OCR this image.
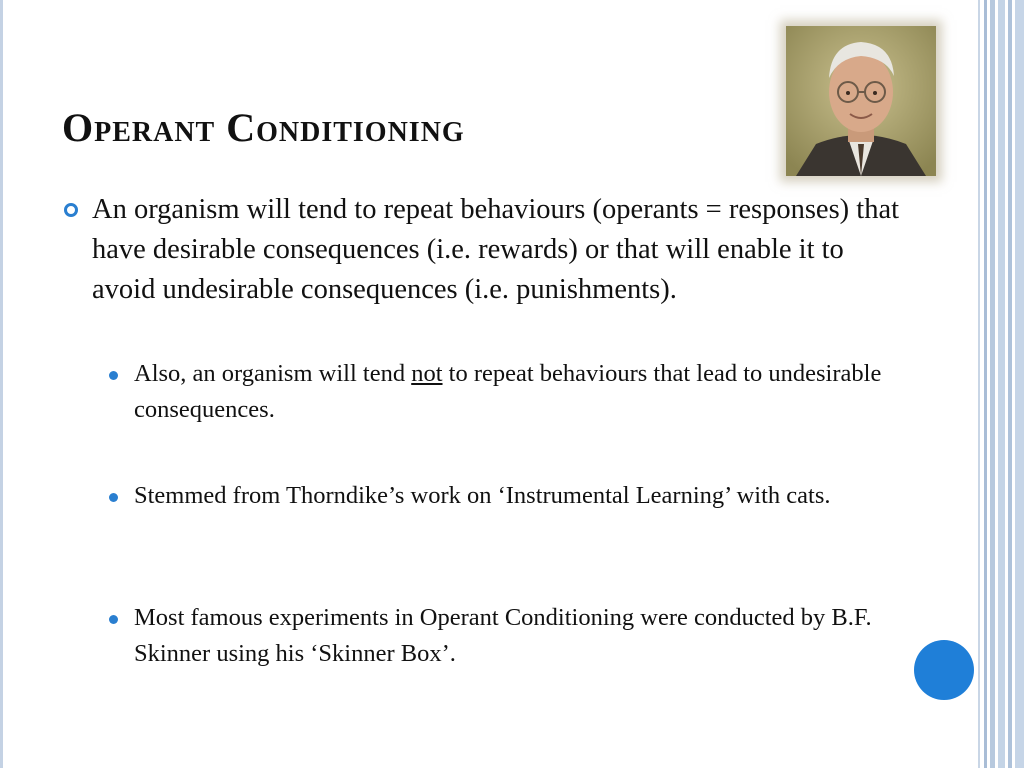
Operant Conditioning

An organism will tend to repeat behaviours (operants = responses) that have desirable consequences (i.e. rewards) or that will enable it to avoid undesirable consequences (i.e. punishments).

Also, an organism will tend not to repeat behaviours that lead to undesirable consequences.

Stemmed from Thorndike’s work on ‘Instrumental Learning’ with cats.

Most famous experiments in Operant Conditioning were conducted by B.F. Skinner using his ‘Skinner Box’.
